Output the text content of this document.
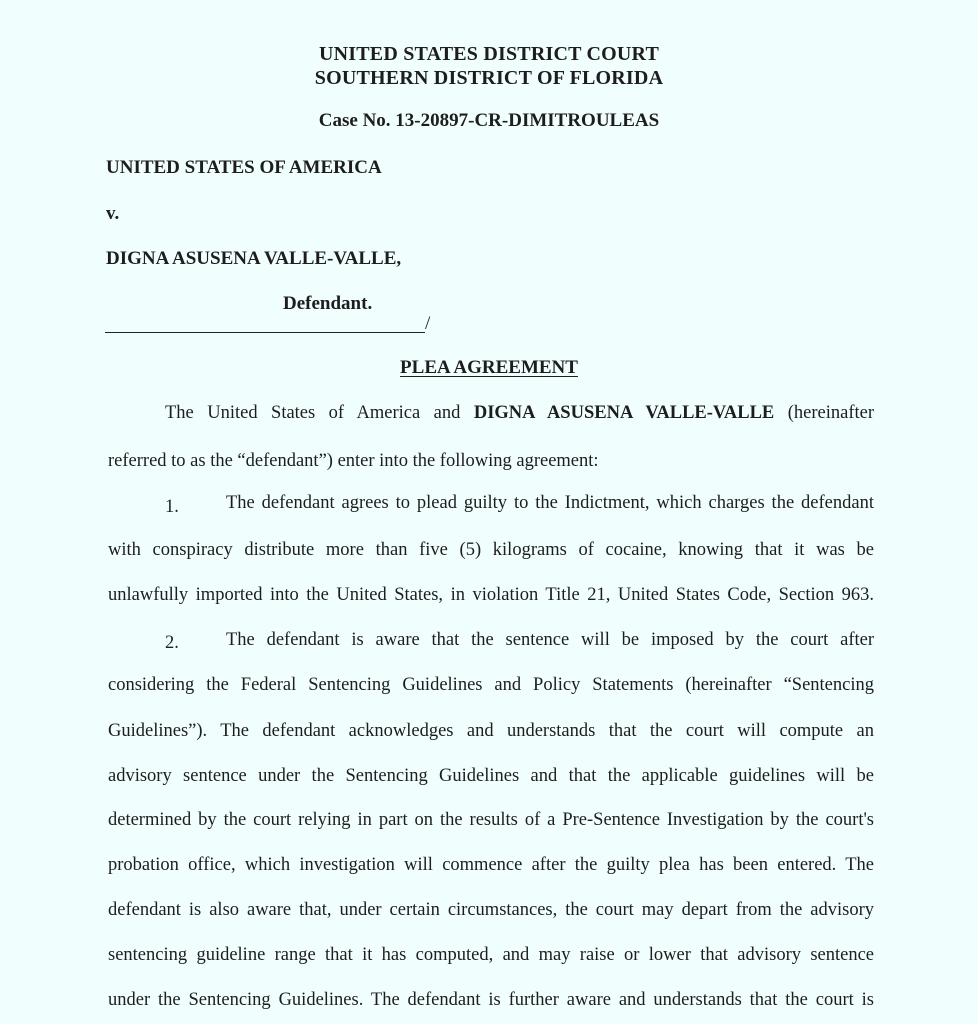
UNITED STATES DISTRICT COURT
SOUTHERN DISTRICT OF FLORIDA
Case No. 13-20897-CR-DIMITROULEAS
UNITED STATES OF AMERICA
v.
DIGNA ASUSENA VALLE-VALLE,
Defendant.
/
PLEA AGREEMENT
The United States of America and DIGNA ASUSENA VALLE-VALLE (hereinafter
referred to as the “defendant”) enter into the following agreement:
1.	The defendant agrees to plead guilty to the Indictment, which charges the defendant
with conspiracy distribute more than five (5) kilograms of cocaine, knowing that it was be
unlawfully imported into the United States, in violation Title 21, United States Code, Section 963.
2.	The defendant is aware that the sentence will be imposed by the court after
considering the Federal Sentencing Guidelines and Policy Statements (hereinafter “Sentencing
Guidelines”). The defendant acknowledges and understands that the court will compute an
advisory sentence under the Sentencing Guidelines and that the applicable guidelines will be
determined by the court relying in part on the results of a Pre-Sentence Investigation by the court's
probation office, which investigation will commence after the guilty plea has been entered. The
defendant is also aware that, under certain circumstances, the court may depart from the advisory
sentencing guideline range that it has computed, and may raise or lower that advisory sentence
under the Sentencing Guidelines. The defendant is further aware and understands that the court is
